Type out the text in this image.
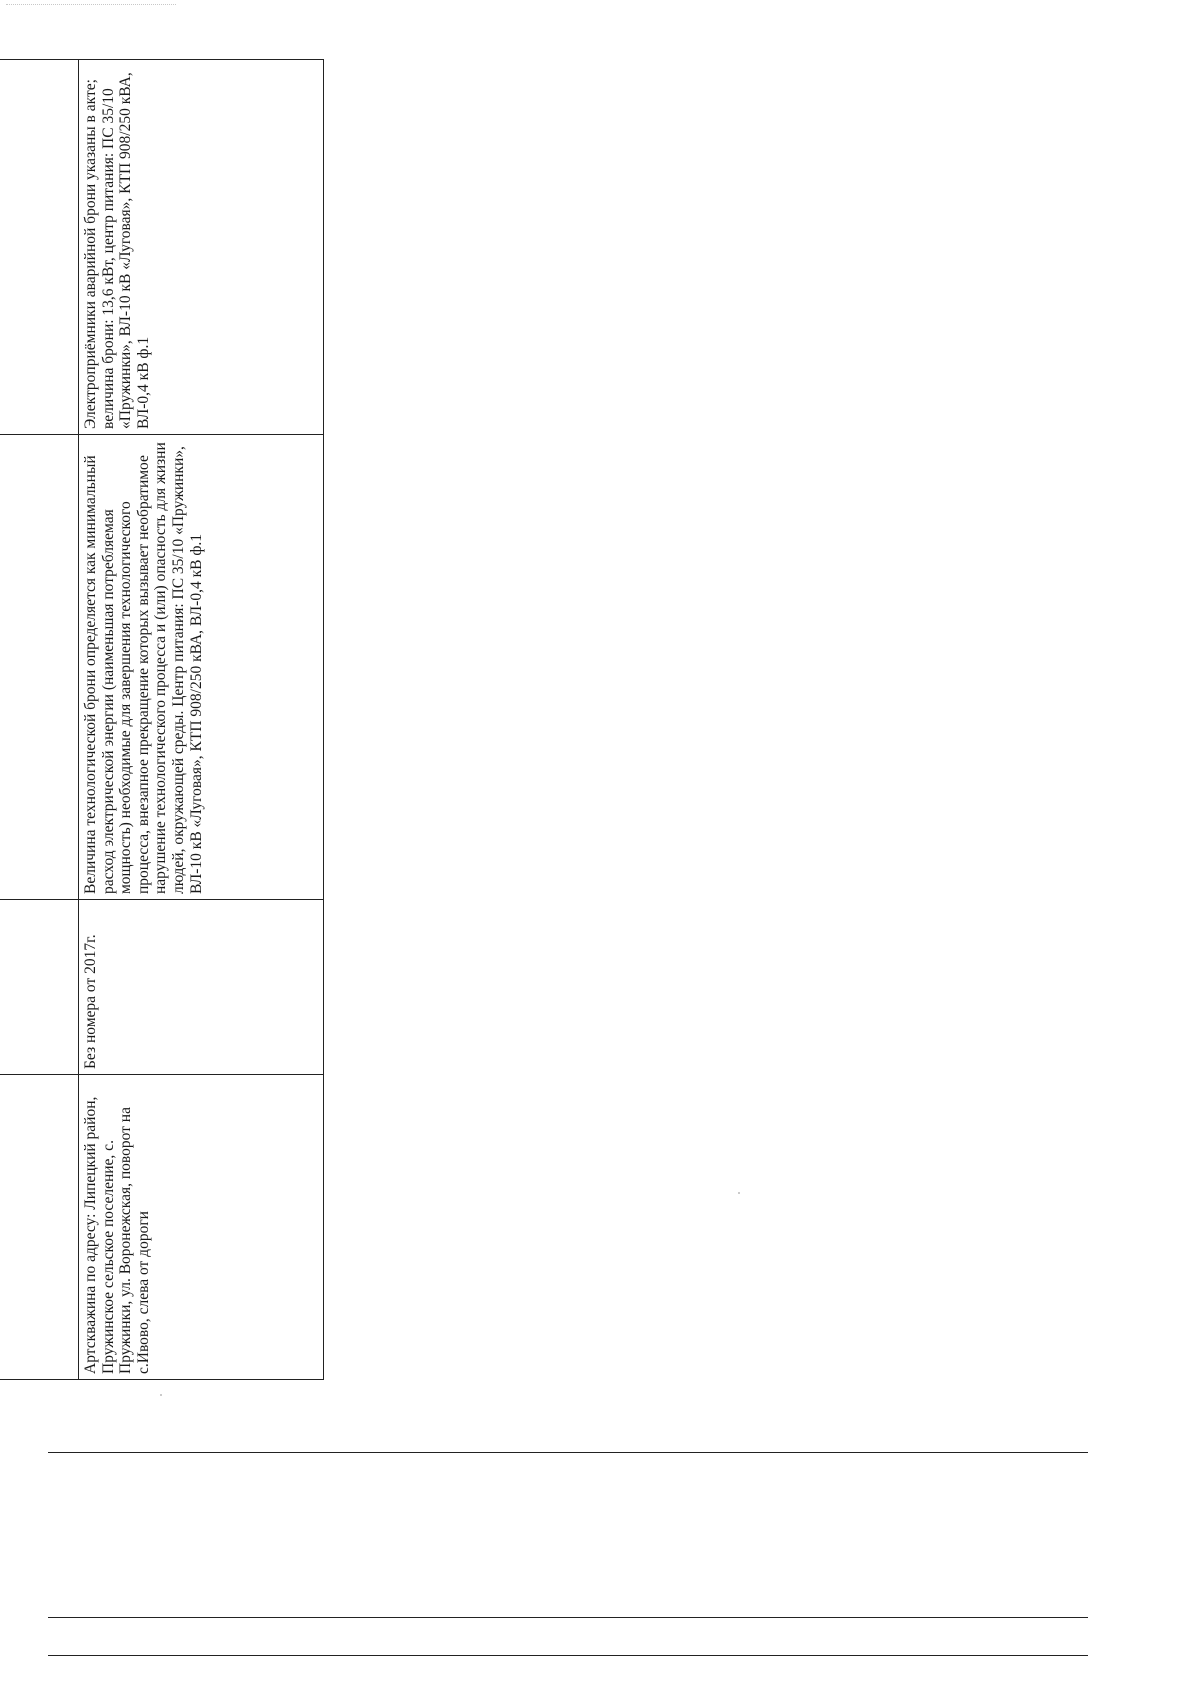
Артскважина по адресу: Липецкий район, Пружинское сельское поселение, с. Пружинки, ул. Воронежская, поворот на с.Ивово, слева от дороги	Без номера от 2017г.	Величина технологической брони определяется как минимальный расход электрической энергии (наименьшая потребляемая мощность) необходимые для завершения технологического процесса, внезапное прекращение которых вызывает необратимое нарушение технологического процесса и (или) опасность для жизни людей, окружающей среды. Центр питания: ПС 35/10 «Пружинки», ВЛ-10 кВ «Луговая», КТП 908/250 кВА, ВЛ-0,4 кВ ф.1	Электроприёмники аварийной брони указаны в акте; величина брони: 13,6 кВт, центр питания: ПС 35/10 «Пружинки», ВЛ-10 кВ «Луговая», КТП 908/250 кВА, ВЛ-0,4 кВ ф.1
